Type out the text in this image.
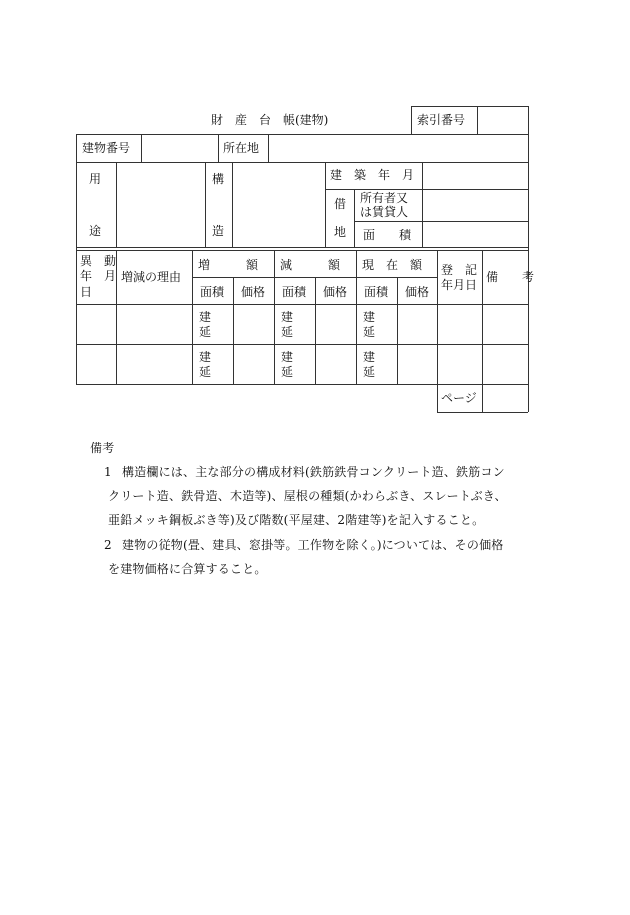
財　産　台　帳(建物)	索引番号
建物番号	所在地
用
途
構
造
建　築　年　月
借
地
所有者又
は賃貸人
面　　積
異　動
年　月
日
増減の理由
増　　　額 減　　　額 現　在　額 登　記
年月日
備　　考
面積 価格 面積 価格 面積 価格
建
延
建
延
建
延
建
延
建
延
建
延
ページ
備考
1 構造欄には、主な部分の構成材料(鉄筋鉄骨コンクリート造、鉄筋コン
クリート造、鉄骨造、木造等)、屋根の種類(かわらぶき、スレートぶき、
亜鉛メッキ鋼板ぶき等)及び階数(平屋建、2階建等)を記入すること。
2 建物の従物(畳、建具、窓掛等。工作物を除く。)については、その価格
を建物価格に合算すること。
